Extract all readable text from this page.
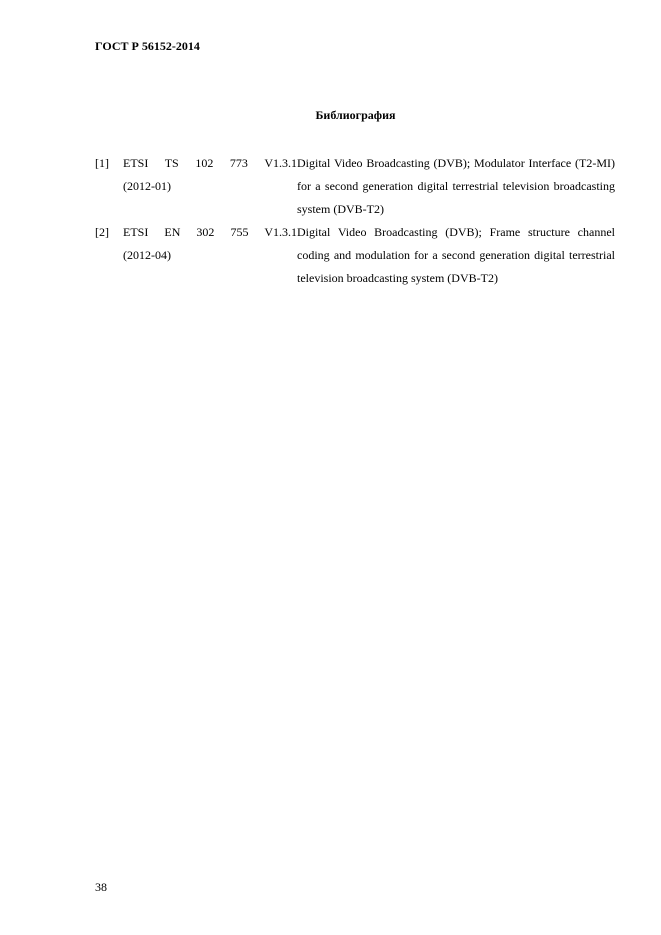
ГОСТ Р 56152-2014
Библиография
[1]	ETSI TS 102 773 V1.3.1
(2012-01)
Digital Video Broadcasting (DVB); Modulator Interface (T2-MI) for a second generation digital terrestrial television broadcasting system (DVB-T2)
[2]	ETSI EN 302 755 V1.3.1
(2012-04)
Digital Video Broadcasting (DVB); Frame structure channel coding and modulation for a second generation digital terrestrial television broadcasting system (DVB-T2)
38
